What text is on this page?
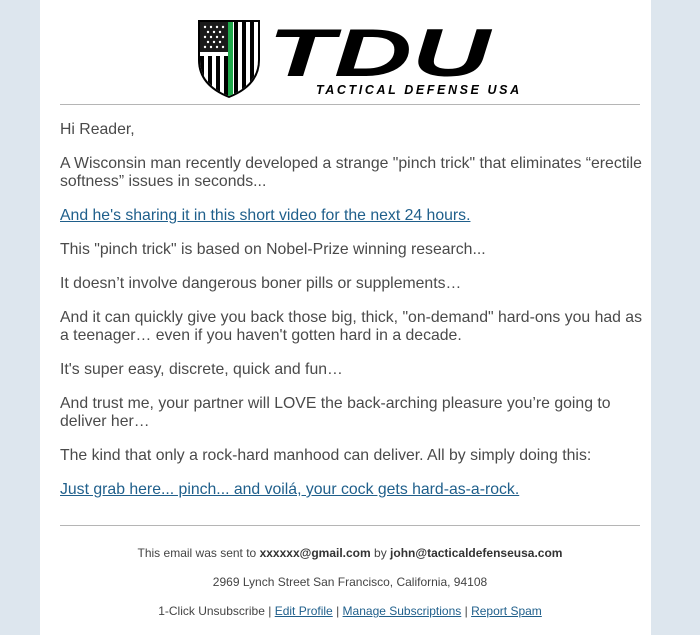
TDU
TACTICAL DEFENSE USA

Hi Reader,

A Wisconsin man recently developed a strange "pinch trick" that eliminates “erectile softness” issues in seconds...

And he's sharing it in this short video for the next 24 hours.

This "pinch trick" is based on Nobel-Prize winning research...

It doesn’t involve dangerous boner pills or supplements…

And it can quickly give you back those big, thick, "on-demand" hard-ons you had as a teenager… even if you haven't gotten hard in a decade.

It's super easy, discrete, quick and fun…

And trust me, your partner will LOVE the back-arching pleasure you’re going to deliver her…

The kind that only a rock-hard manhood can deliver. All by simply doing this:

Just grab here... pinch... and voilá, your cock gets hard-as-a-rock.

This email was sent to xxxxxx@gmail.com by john@tacticaldefenseusa.com

2969 Lynch Street San Francisco, California, 94108

1-Click Unsubscribe | Edit Profile | Manage Subscriptions | Report Spam
